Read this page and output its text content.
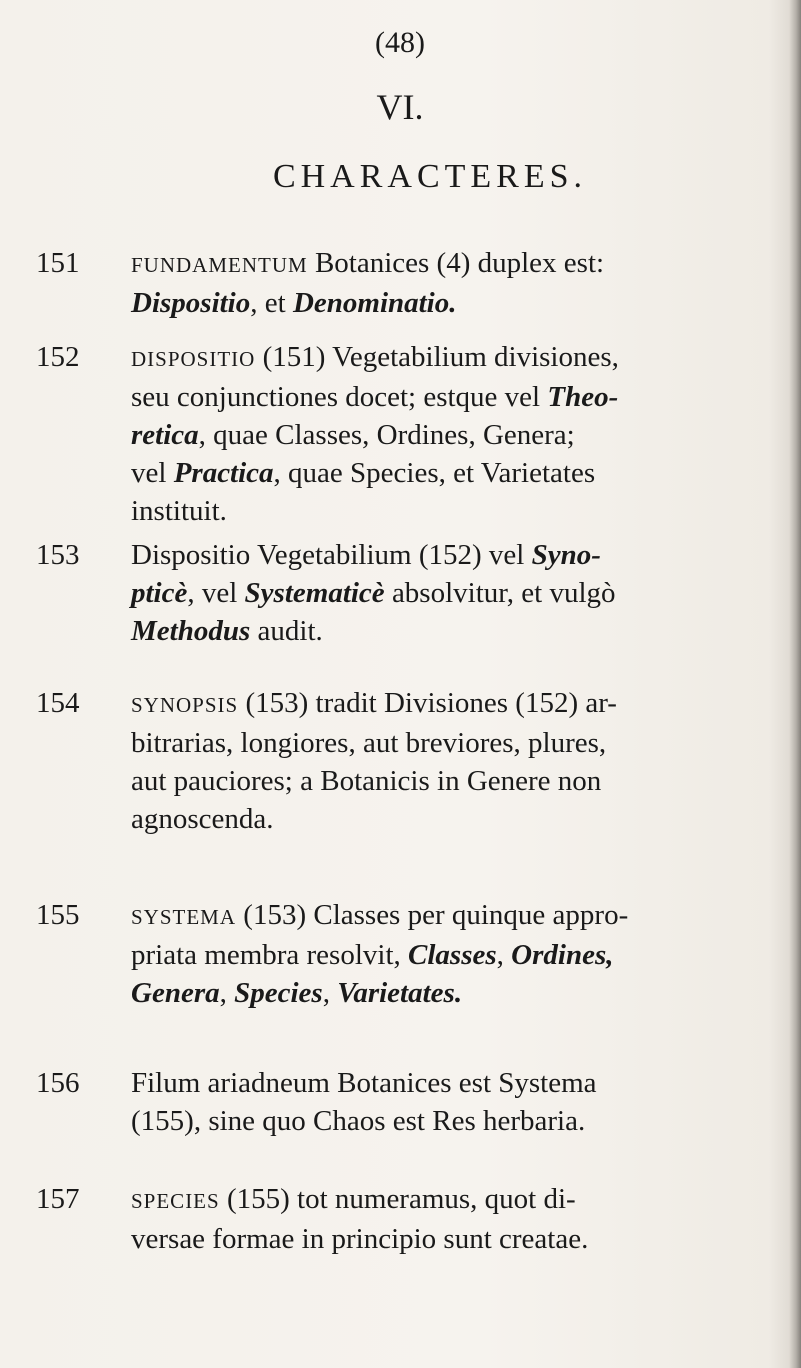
(48)
VI.
CHARACTERES.
151	FUNDAMENTUM Botanices (4) duplex est:
Dispositio, et Denominatio.
152	DISPOSITIO (151) Vegetabilium divisiones,
seu conjunctiones docet; estque vel Theo-
retica, quae Classes, Ordines, Genera;
vel Practica, quae Species, et Varietates
instituit.
153	Dispositio Vegetabilium (152) vel Syno-
pticè, vel Systematicè absolvitur, et vulgò
Methodus audit.
154	SYNOPSIS (153) tradit Divisiones (152) ar-
bitrarias, longiores, aut breviores, plures,
aut pauciores; a Botanicis in Genere non
agnoscenda.
155	SYSTEMA (153) Classes per quinque appro-
priata membra resolvit, Classes, Ordines,
Genera, Species, Varietates.
156	Filum ariadneum Botanices est Systema
(155), sine quo Chaos est Res herbaria.
157	SPECIES (155) tot numeramus, quot di-
versae formae in principio sunt creatae.
